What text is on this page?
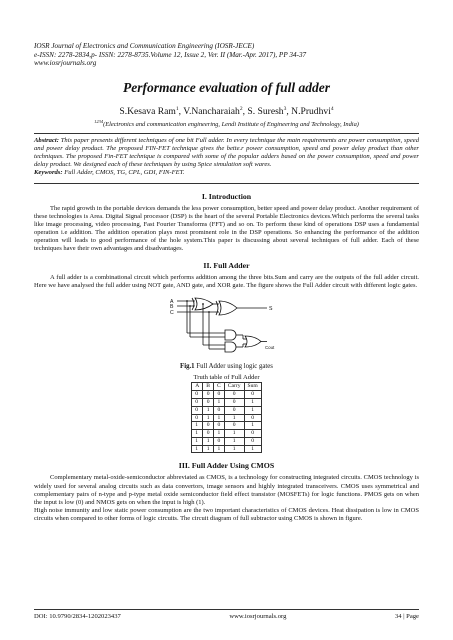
IOSR Journal of Electronics and Communication Engineering (IOSR-JECE)
e-ISSN: 2278-2834,p- ISSN: 2278-8735.Volume 12, Issue 2, Ver. II (Mar.-Apr. 2017), PP 34-37
www.iosrjournals.org
Performance evaluation of full adder
S.Kesava Ram$^1$, V.Nancharaiah$^2$, S. Suresh$^3$, N.Prudhvi$^4$
$^{1234}$(Electronics and communication engineering, Lendi Institute of Engineering and Technology, India)
Abstract: This paper presents different techniques of one bit Full adder. In every technique the main requirements are power consumption, speed and power delay product. The proposed FIN-FET technique gives the bette.r power consumption, speed and power delay product than other techniques. The proposed Fin-FET technique is compared with some of the popular adders based on the power consumption, speed and power delay product. We designed each of these techniques by using Spice simulation soft wares.
Keywords: Full Adder, CMOS, TG, CPL, GDI, FIN-FET.
I. Introduction

The rapid growth in the portable devices demands the less power consumption, better speed and power delay product. Another requirement of these technologies is Area. Digital Signal processor (DSP) is the heart of the several Portable Electronics devices.Which performs the several tasks like image processing, video processing, Fast Fourier Transforms (FFT) and so on. To perform these kind of operations DSP uses a fundamental operation i.e addition. The addition operation plays most prominent role in the DSP operations. So enhancing the performance of the addition operation will leads to good performance of the hole system.This paper is discussing about several techniques of full adder. Each of these techniques have their own advantages and disadvantages.

II. Full Adder

A full adder is a combinational circuit which performs addition among the three bits.Sum and carry are the outputs of the full adder circuit. Here we have analysed the full adder using NOT gate, AND gate, and XOR gate. The figure shows the Full Adder circuit with different logic gates.

A
B
C
S
Cout
Fig.1 Full Adder using logic gates
Truth table of Full Adder
A	B	C	Carry	Sum
0	0	0	0	0
0	0	1	0	1
0	1	0	0	1
0	1	1	1	0
1	0	0	0	1
1	0	1	1	0
1	1	0	1	0
1	1	1	1	1
III. Full Adder Using CMOS

Complementary metal-oxide-semiconductor abbreviated as CMOS, is a technology for constructing integrated circuits. CMOS technology is widely used for several analog circuits such as data convertors, image sensors and highly integrated transceivers. CMOS uses symmetrical and complementary pairs of n-type and p-type metal oxide semiconductor field effect transistor (MOSFETs) for logic functions. PMOS gets on when the input is low (0) and NMOS gets on when the input is high (1).

High noise immunity and low static power consumption are the two important characteristics of CMOS devices. Heat dissipation is low in CMOS circuits when compared to other forms of logic circuits. The circuit diagram of full subtractor using CMOS is shown in figure.

DOI: 10.9790/2834-1202023437	www.iosrjournals.org	34 | Page
